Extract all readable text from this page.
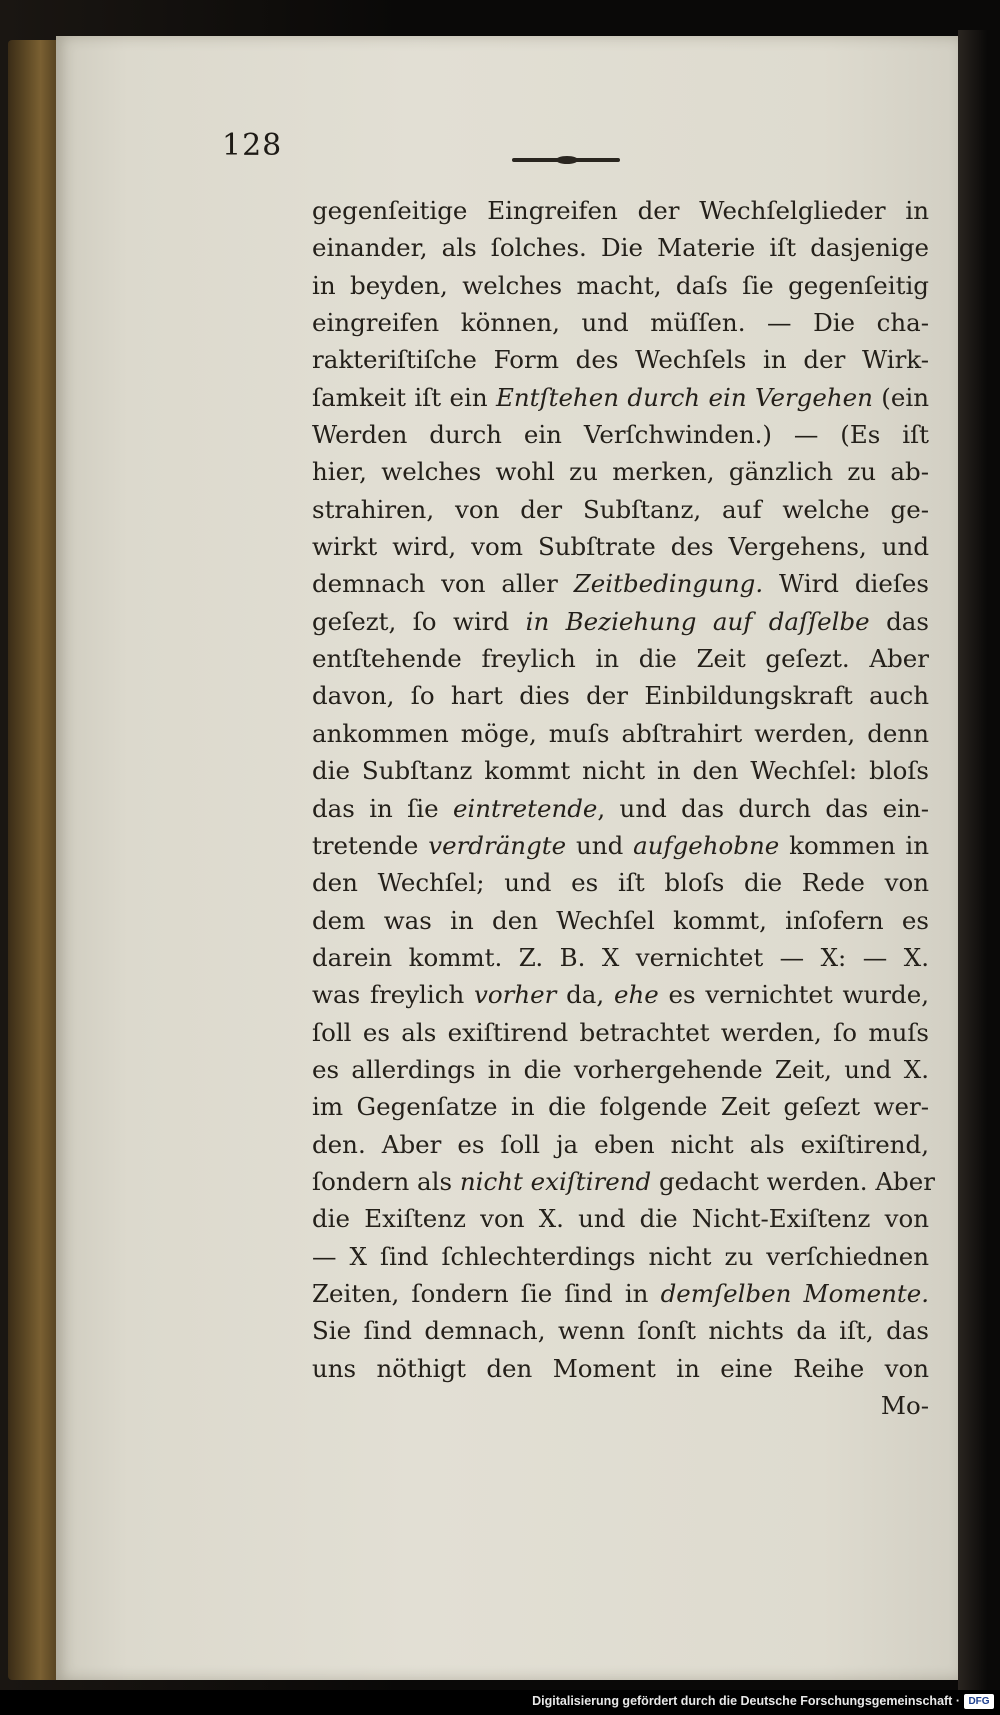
128
gegenſeitige Eingreifen der Wechſelglieder in
einander, als ſolches. Die Materie iſt dasjenige
in beyden, welches macht, daſs ſie gegenſeitig
eingreifen können, und müſſen. — Die cha-
rakteriſtiſche Form des Wechſels in der Wirk-
ſamkeit iſt ein Entſtehen durch ein Vergehen (ein
Werden durch ein Verſchwinden.) — (Es iſt
hier, welches wohl zu merken, gänzlich zu ab-
strahiren, von der Subſtanz, auf welche ge-
wirkt wird, vom Subſtrate des Vergehens, und
demnach von aller Zeitbedingung. Wird dieſes
geſezt, ſo wird in Beziehung auf daſſelbe das
entſtehende freylich in die Zeit geſezt. Aber
davon, ſo hart dies der Einbildungskraft auch
ankommen möge, muſs abſtrahirt werden, denn
die Subſtanz kommt nicht in den Wechſel: bloſs
das in ſie eintretende, und das durch das ein-
tretende verdrängte und aufgehobne kommen in
den Wechſel; und es iſt bloſs die Rede von
dem was in den Wechſel kommt, inſofern es
darein kommt. Z. B. X vernichtet — X: — X.
was freylich vorher da, ehe es vernichtet wurde,
ſoll es als exiſtirend betrachtet werden, ſo muſs
es allerdings in die vorhergehende Zeit, und X.
im Gegenſatze in die folgende Zeit geſezt wer-
den. Aber es ſoll ja eben nicht als exiſtirend,
ſondern als nicht exiſtirend gedacht werden. Aber
die Exiſtenz von X. und die Nicht-Exiſtenz von
— X ſind ſchlechterdings nicht zu verſchiednen
Zeiten, ſondern ſie ſind in demſelben Momente.
Sie ſind demnach, wenn ſonſt nichts da iſt, das
uns nöthigt den Moment in eine Reihe von
Mo-
Digitalisierung gefördert durch die Deutsche Forschungsgemeinschaft · DFG
